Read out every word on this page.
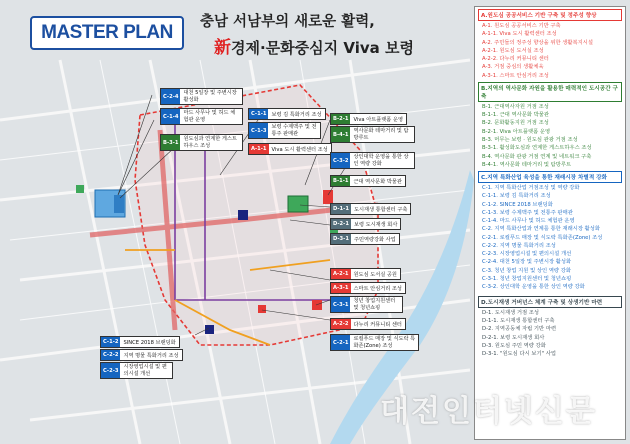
MASTER PLAN 충남 서남부의 새로운 활력,
新경제·문화중심지 Viva 보령
C-2-4
대천 5일장 및 주변시장 활성화
C-1-4
마드 사무나 및 허드 체험관 운영
B-3-1
원도심과 연계한 게스트하우스 조성
C-1-1 보령 김 특화거리 조성
C-1-3
보령 수제맥주 및 전통주 판매관
A-1-1 Viva 도시 활력센터 조성
B-2-1 Viva 아트플랫폼 운영
B-4-1
역사문화 테마거리 및 탐방루트
C-3-2
상인대학 운영을 통한 상인 역량 강화
B-1-1 근대 역사문화 박물관
D-1-1 도시재생 통합센터 구축
D-2-1 보령 도시재생 회사
D-3-1 주민역량강화 사업
A-2-1 원도심 도서실 공원
A-3-1 스마트 안심거리 조성
C-3-1
청년 창업지원센터 및 청년쇼핑
A-2-2 다누리 커뮤니티 센터
C-2-1
로컬푸드 매장 및 식도락 특화존(Zone) 조성
C-1-2 SINCE 2018 브랜딩화
C-2-2 지역 명물 특화거리 조성
C-2-3
시장영업시설 및 편의시설 개선
A.원도심 공공서비스 기반 구축 및 정주성 향상
A-1. 원도심 공공서비스 기반 구축
A-1-1. Viva 도시 활력센터 조성
A-2. 주민들의 정주성 향상을 위한 생활복지시설
A-2-1. 원도심 도서실 조성
A-2-2. 다누리 커뮤니티 센터
A-3. 거점 중심의 생활체육
A-3-1. 스마트 안심거리 조성
B.지역의 역사문화 자원을 활용한 매력적인 도시공간 구축
B-1. 근대역사자원 거점 조성
B-1-1. 근대 역사문화 박물관
B-2. 문화활동지원 거점 조성
B-2-1. Viva 아트플랫폼 운영
B-3. 머무는 보령 · 원도심 관광 거점 조성
B-3-1. 활성화도심과 연계한 게스트하우스 조성
B-4. 역사문화 관광 거점 연계 및 네트워크 구축
B-4-1. 역사문화 테마거리 및 탐방루트
C.지역 특화산업 육성을 통한 재래시장 차별적 강화
C-1. 지역 특화산업 거점조성 및 역량 강화
C-1-1. 보령 김 특화거리 조성
C-1-2. SINCE 2018 브랜딩화
C-1-3. 보령 수제맥주 및 전통주 판매관
C-1-4. 마드 사무나 및 허드 체험관 운영
C-2. 지역 특화산업과 연계를 통한 재래시장 활성화
C-2-1. 로컬푸드 매장 및 식도락 특화존(Zone) 조성
C-2-2. 지역 명물 특화거리 조성
C-2-3. 시장영업시설 및 편의시설 개선
C-2-4. 대천 5일장 및 주변시장 활성화
C-3. 청년 창업 지원 및 상인 역량 강화
C-3-1. 청년 창업지원센터 및 청년쇼핑
C-3-2. 상인대학 운영을 통한 상인 역량 강화
D.도시재생 거버넌스 체계 구축 및 상생기반 마련
D-1. 도시재생 거점 조성
D-1-1. 도시재생 통합센터 구축
D-2. 지역공동체 자립 기반 마련
D-2-1. 보령 도시재생 회사
D-3. 원도심 주민 역량 강화
D-3-1. "원도심 다시 보기" 사업
대전인터넷신문
